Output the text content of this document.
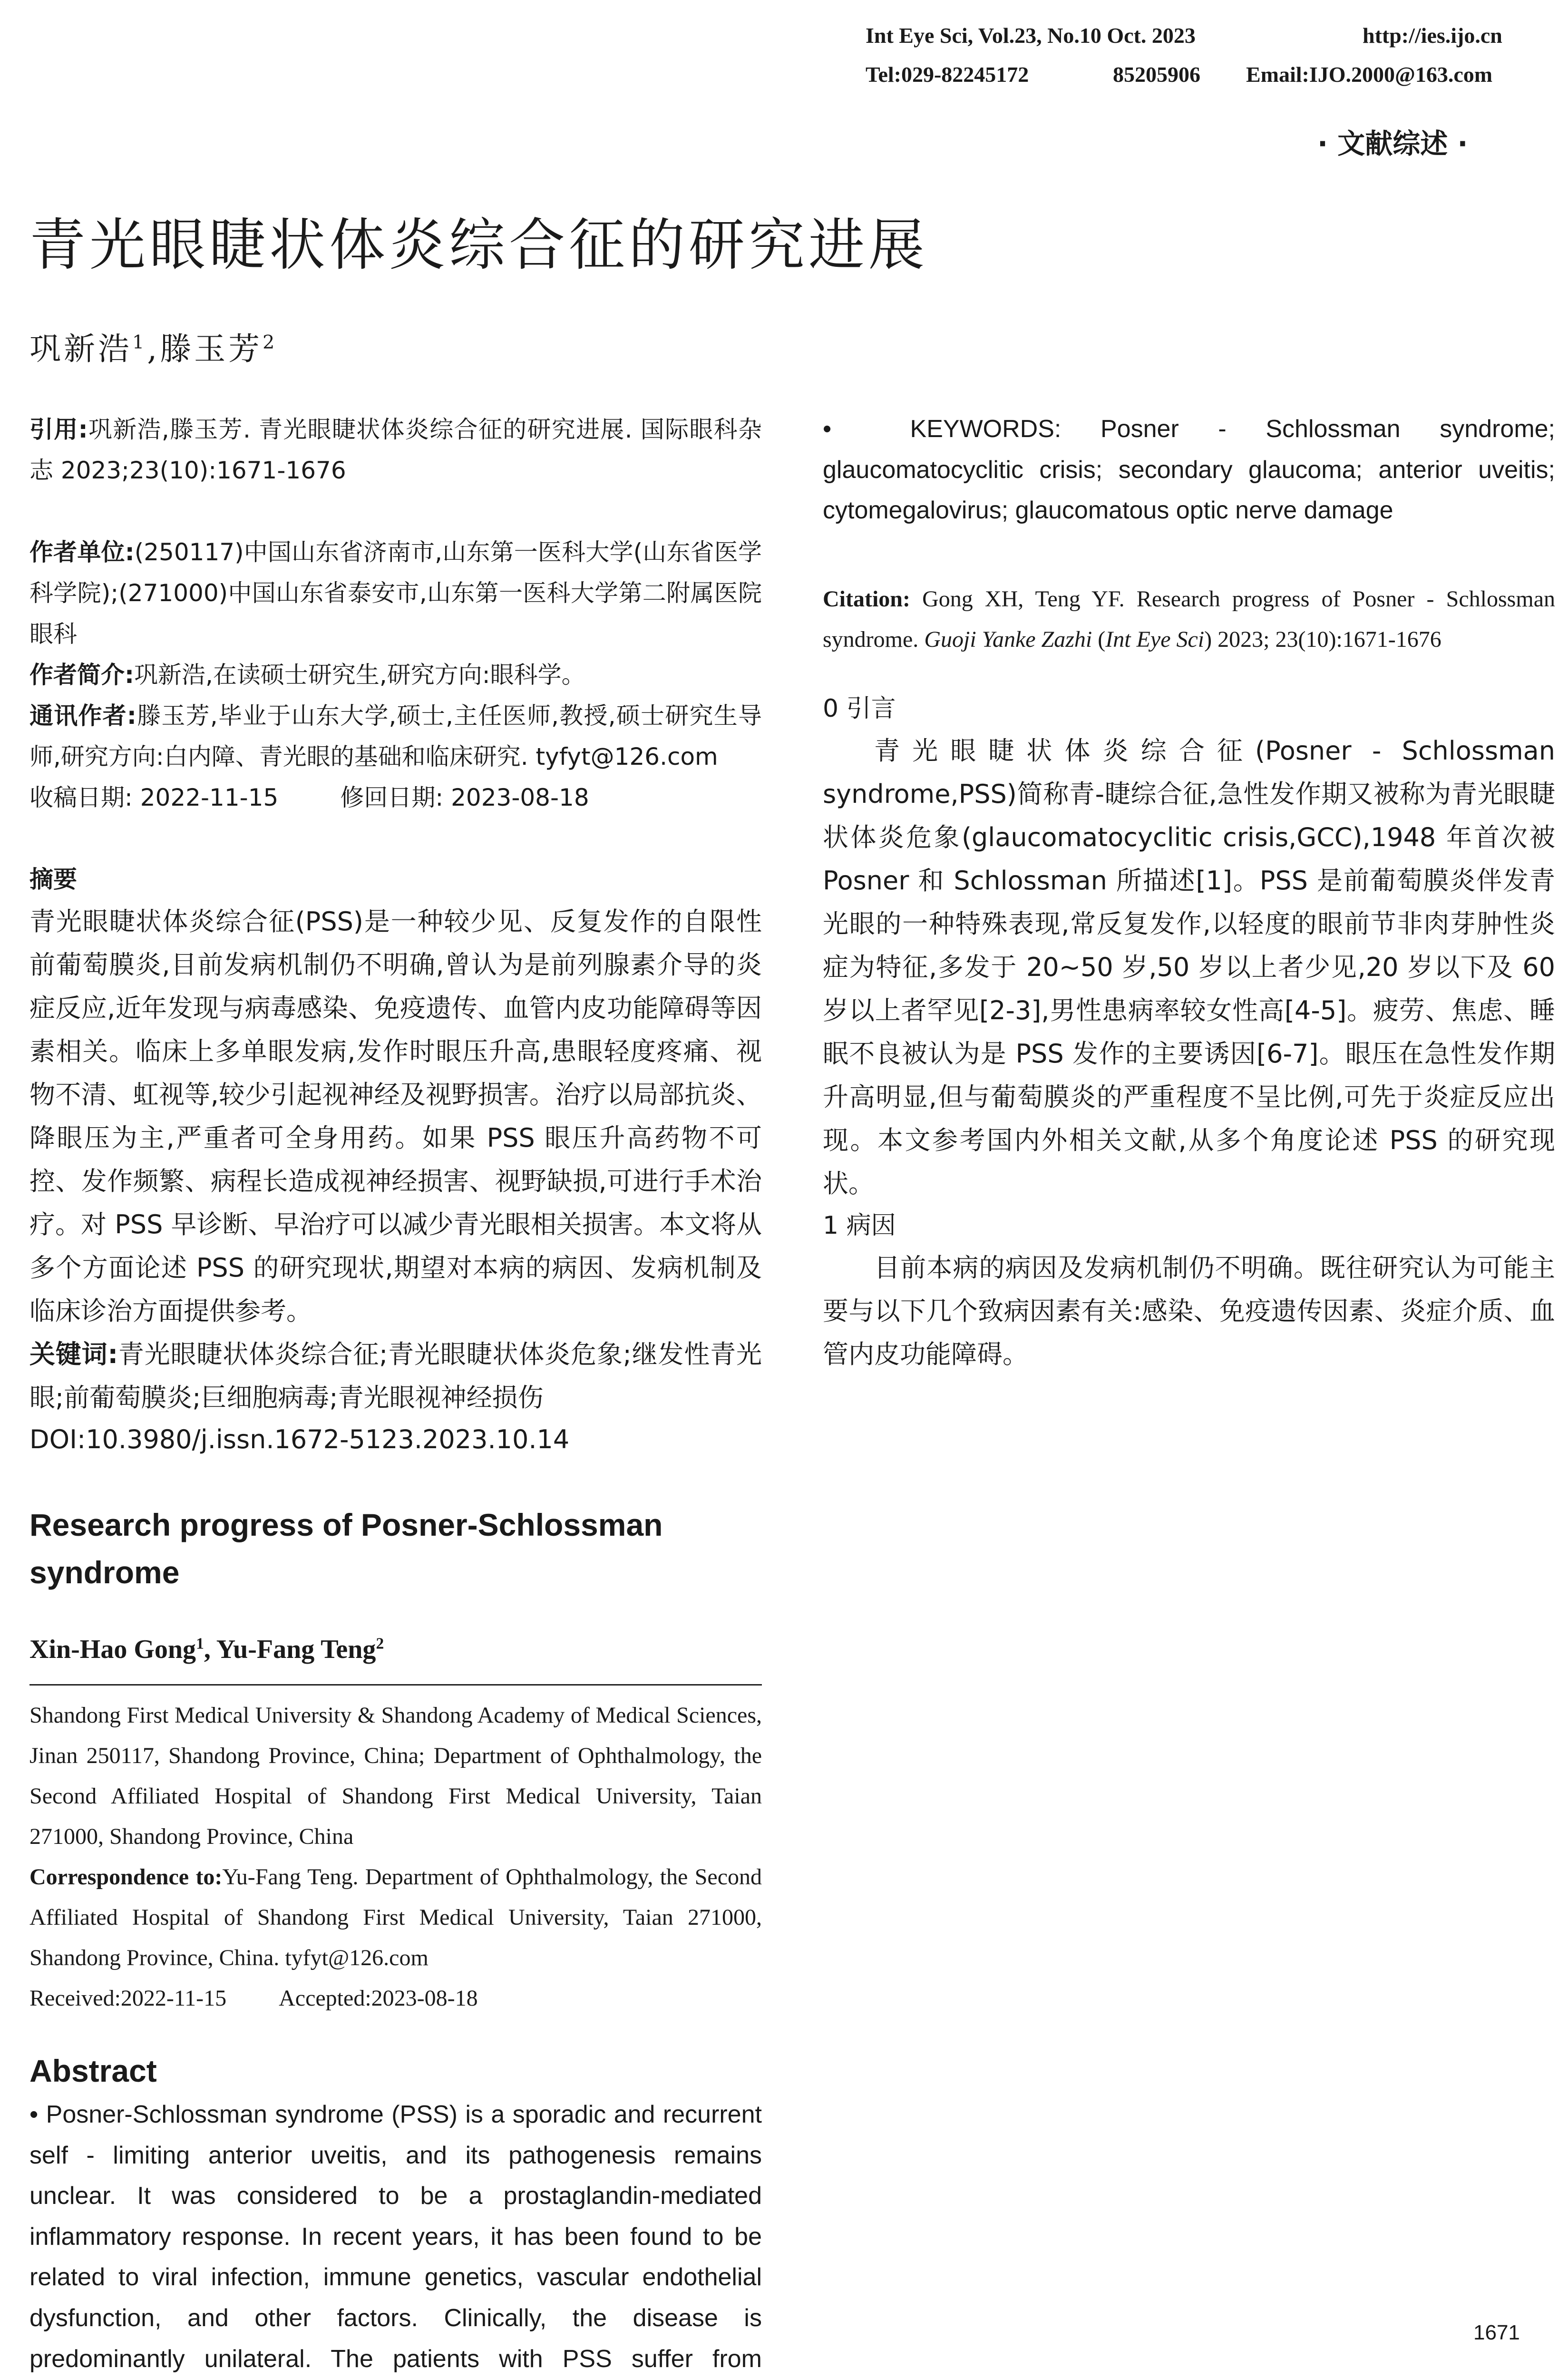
Int Eye Sci, Vol.23, No.10 Oct. 2023	http://ies.ijo.cn
Tel:029-82245172	85205906 Email:IJO.2000@163.com
· 文献综述 ·
青光眼睫状体炎综合征的研究进展
巩新浩$^1$,滕玉芳$^2$

引用:巩新浩,滕玉芳. 青光眼睫状体炎综合征的研究进展. 国际眼科杂志 2023;23(10):1671-1676

作者单位:(250117)中国山东省济南市,山东第一医科大学(山东省医学科学院);(271000)中国山东省泰安市,山东第一医科大学第二附属医院眼科

作者简介:巩新浩,在读硕士研究生,研究方向:眼科学。

通讯作者:滕玉芳,毕业于山东大学,硕士,主任医师,教授,硕士研究生导师,研究方向:白内障、青光眼的基础和临床研究. tyfyt@126.com

收稿日期: 2022-11-15	修回日期: 2023-08-18

摘要

青光眼睫状体炎综合征(PSS)是一种较少见、反复发作的自限性前葡萄膜炎,目前发病机制仍不明确,曾认为是前列腺素介导的炎症反应,近年发现与病毒感染、免疫遗传、血管内皮功能障碍等因素相关。临床上多单眼发病,发作时眼压升高,患眼轻度疼痛、视物不清、虹视等,较少引起视神经及视野损害。治疗以局部抗炎、降眼压为主,严重者可全身用药。如果 PSS 眼压升高药物不可控、发作频繁、病程长造成视神经损害、视野缺损,可进行手术治疗。对 PSS 早诊断、早治疗可以减少青光眼相关损害。本文将从多个方面论述 PSS 的研究现状,期望对本病的病因、发病机制及临床诊治方面提供参考。

关键词:青光眼睫状体炎综合征;青光眼睫状体炎危象;继发性青光眼;前葡萄膜炎;巨细胞病毒;青光眼视神经损伤

DOI:10.3980/j.issn.1672-5123.2023.10.14

Research progress of Posner-Schlossman syndrome

Xin-Hao Gong$^1$, Yu-Fang Teng$^2$

Shandong First Medical University & Shandong Academy of Medical Sciences, Jinan 250117, Shandong Province, China; Department of Ophthalmology, the Second Affiliated Hospital of Shandong First Medical University, Taian 271000, Shandong Province, China

Correspondence to:Yu-Fang Teng. Department of Ophthalmology, the Second Affiliated Hospital of Shandong First Medical University, Taian 271000, Shandong Province, China. tyfyt@126.com

Received:2022-11-15 Accepted:2023-08-18

Abstract

• Posner-Schlossman syndrome (PSS) is a sporadic and recurrent self - limiting anterior uveitis, and its pathogenesis remains unclear. It was considered to be a prostaglandin-mediated inflammatory response. In recent years, it has been found to be related to viral infection, immune genetics, vascular endothelial dysfunction, and other factors. Clinically, the disease is predominantly unilateral. The patients with PSS suffer from

•	KEYWORDS: Posner - Schlossman syndrome; glaucomatocyclitic crisis; secondary glaucoma; anterior uveitis; cytomegalovirus; glaucomatous optic nerve damage

Citation: Gong XH, Teng YF. Research progress of Posner - Schlossman syndrome. Guoji Yanke Zazhi (Int Eye Sci) 2023; 23(10):1671-1676

0 引言

青光眼睫状体炎综合征(Posner - Schlossman syndrome,PSS)简称青-睫综合征,急性发作期又被称为青光眼睫状体炎危象(glaucomatocyclitic crisis,GCC),1948 年首次被 Posner 和 Schlossman 所描述[1]。PSS 是前葡萄膜炎伴发青光眼的一种特殊表现,常反复发作,以轻度的眼前节非肉芽肿性炎症为特征,多发于 20~50 岁,50 岁以上者少见,20 岁以下及 60 岁以上者罕见[2-3],男性患病率较女性高[4-5]。疲劳、焦虑、睡眠不良被认为是 PSS 发作的主要诱因[6-7]。眼压在急性发作期升高明显,但与葡萄膜炎的严重程度不呈比例,可先于炎症反应出现。本文参考国内外相关文献,从多个角度论述 PSS 的研究现状。

1 病因

目前本病的病因及发病机制仍不明确。既往研究认为可能主要与以下几个致病因素有关:感染、免疫遗传因素、炎症介质、血管内皮功能障碍。

1671
